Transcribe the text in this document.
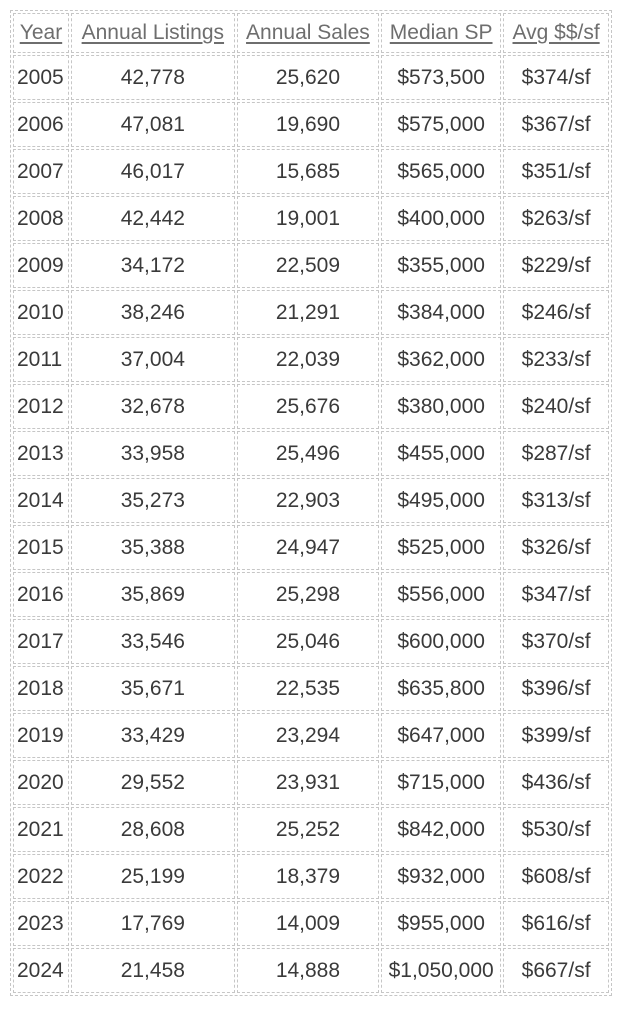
Year	Annual Listings	Annual Sales	Median SP	Avg $$/sf
2005	42,778	25,620	$573,500	$374/sf
2006	47,081	19,690	$575,000	$367/sf
2007	46,017	15,685	$565,000	$351/sf
2008	42,442	19,001	$400,000	$263/sf
2009	34,172	22,509	$355,000	$229/sf
2010	38,246	21,291	$384,000	$246/sf
2011	37,004	22,039	$362,000	$233/sf
2012	32,678	25,676	$380,000	$240/sf
2013	33,958	25,496	$455,000	$287/sf
2014	35,273	22,903	$495,000	$313/sf
2015	35,388	24,947	$525,000	$326/sf
2016	35,869	25,298	$556,000	$347/sf
2017	33,546	25,046	$600,000	$370/sf
2018	35,671	22,535	$635,800	$396/sf
2019	33,429	23,294	$647,000	$399/sf
2020	29,552	23,931	$715,000	$436/sf
2021	28,608	25,252	$842,000	$530/sf
2022	25,199	18,379	$932,000	$608/sf
2023	17,769	14,009	$955,000	$616/sf
2024	21,458	14,888	$1,050,000	$667/sf
